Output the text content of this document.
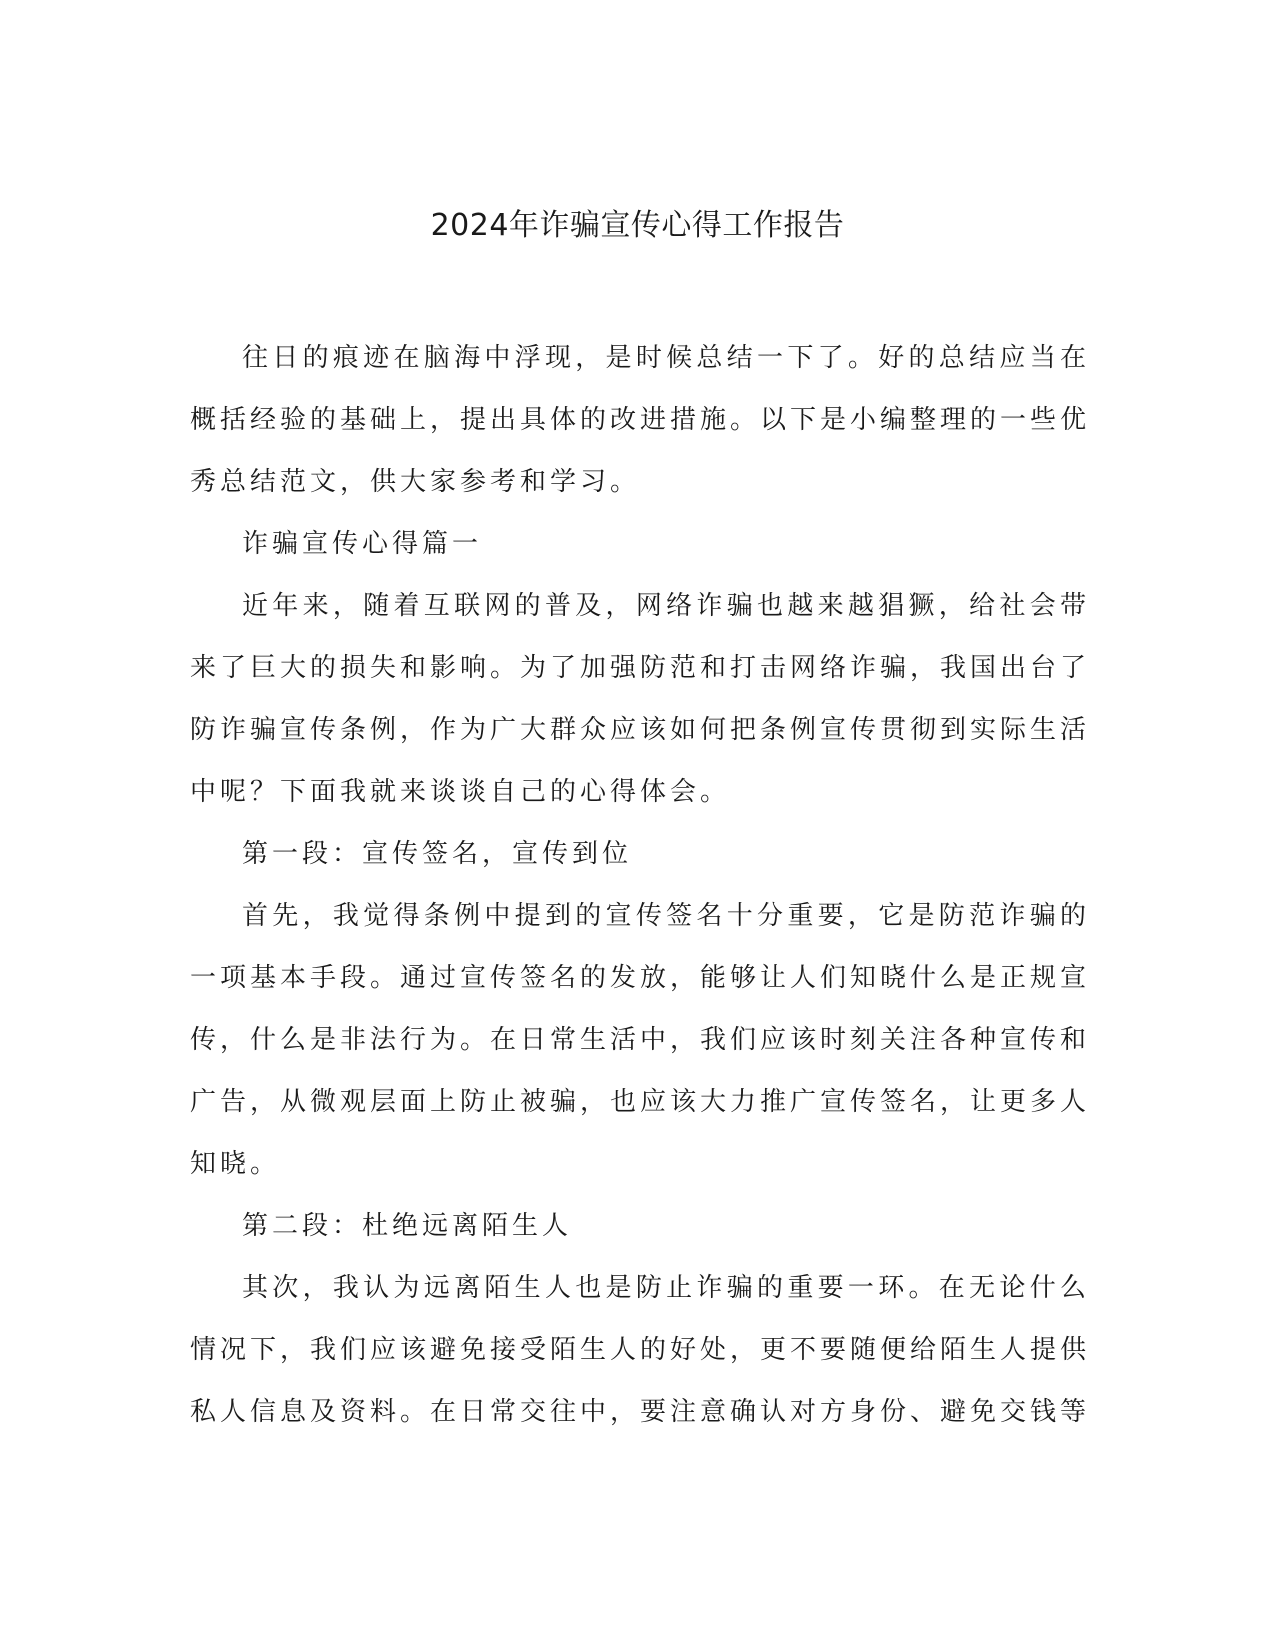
2024年诈骗宣传心得工作报告

往日的痕迹在脑海中浮现，是时候总结一下了。好的总结应当在概括经验的基础上，提出具体的改进措施。以下是小编整理的一些优秀总结范文，供大家参考和学习。

诈骗宣传心得篇一

近年来，随着互联网的普及，网络诈骗也越来越猖獗，给社会带来了巨大的损失和影响。为了加强防范和打击网络诈骗，我国出台了防诈骗宣传条例，作为广大群众应该如何把条例宣传贯彻到实际生活中呢？下面我就来谈谈自己的心得体会。

第一段：宣传签名，宣传到位

首先，我觉得条例中提到的宣传签名十分重要，它是防范诈骗的一项基本手段。通过宣传签名的发放，能够让人们知晓什么是正规宣传，什么是非法行为。在日常生活中，我们应该时刻关注各种宣传和广告，从微观层面上防止被骗，也应该大力推广宣传签名，让更多人知晓。

第二段：杜绝远离陌生人

其次，我认为远离陌生人也是防止诈骗的重要一环。在无论什么情况下，我们应该避免接受陌生人的好处，更不要随便给陌生人提供私人信息及资料。在日常交往中，要注意确认对方身份、避免交钱等
